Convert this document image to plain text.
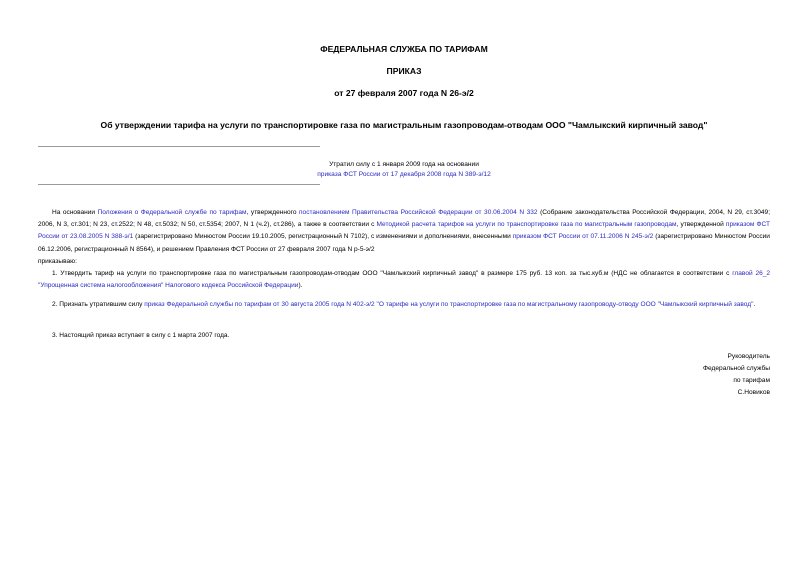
ФЕДЕРАЛЬНАЯ СЛУЖБА ПО ТАРИФАМ
ПРИКАЗ
от 27 февраля 2007 года N 26-э/2
Об утверждении тарифа на услуги по транспортировке газа по магистральным газопроводам-отводам ООО "Чамлыкский кирпичный завод"
Утратил силу с 1 января 2009 года на основании
приказа ФСТ России от 17 декабря 2008 года N 389-э/12
На основании Положения о Федеральной службе по тарифам, утвержденного постановлением Правительства Российской Федерации от 30.06.2004 N 332 (Собрание законодательства Российской Федерации, 2004, N 29, ст.3049; 2006, N 3, ст.301; N 23, ст.2522; N 48, ст.5032; N 50, ст.5354; 2007, N 1 (ч.2), ст.286), а также в соответствии с Методикой расчета тарифов на услуги по транспортировке газа по магистральным газопроводам, утвержденной приказом ФСТ России от 23.08.2005 N 388-э/1 (зарегистрировано Минюстом России 19.10.2005, регистрационный N 7102), с изменениями и дополнениями, внесенными приказом ФСТ России от 07.11.2006 N 245-э/2 (зарегистрировано Минюстом России 06.12.2006, регистрационный N 8564), и решением Правления ФСТ России от 27 февраля 2007 года N р-5-э/2
приказываю:
1. Утвердить тариф на услуги по транспортировке газа по магистральным газопроводам-отводам ООО "Чамлыкский кирпичный завод" в размере 175 руб. 13 коп. за тыс.куб.м (НДС не облагается в соответствии с главой 26_2 "Упрощенная система налогообложения" Налогового кодекса Российской Федерации).
2. Признать утратившим силу приказ Федеральной службы по тарифам от 30 августа 2005 года N 402-э/2 "О тарифе на услуги по транспортировке газа по магистральному газопроводу-отводу ООО "Чамлыкский кирпичный завод".
3. Настоящий приказ вступает в силу с 1 марта 2007 года.
Руководитель
Федеральной службы
по тарифам
С.Новиков
